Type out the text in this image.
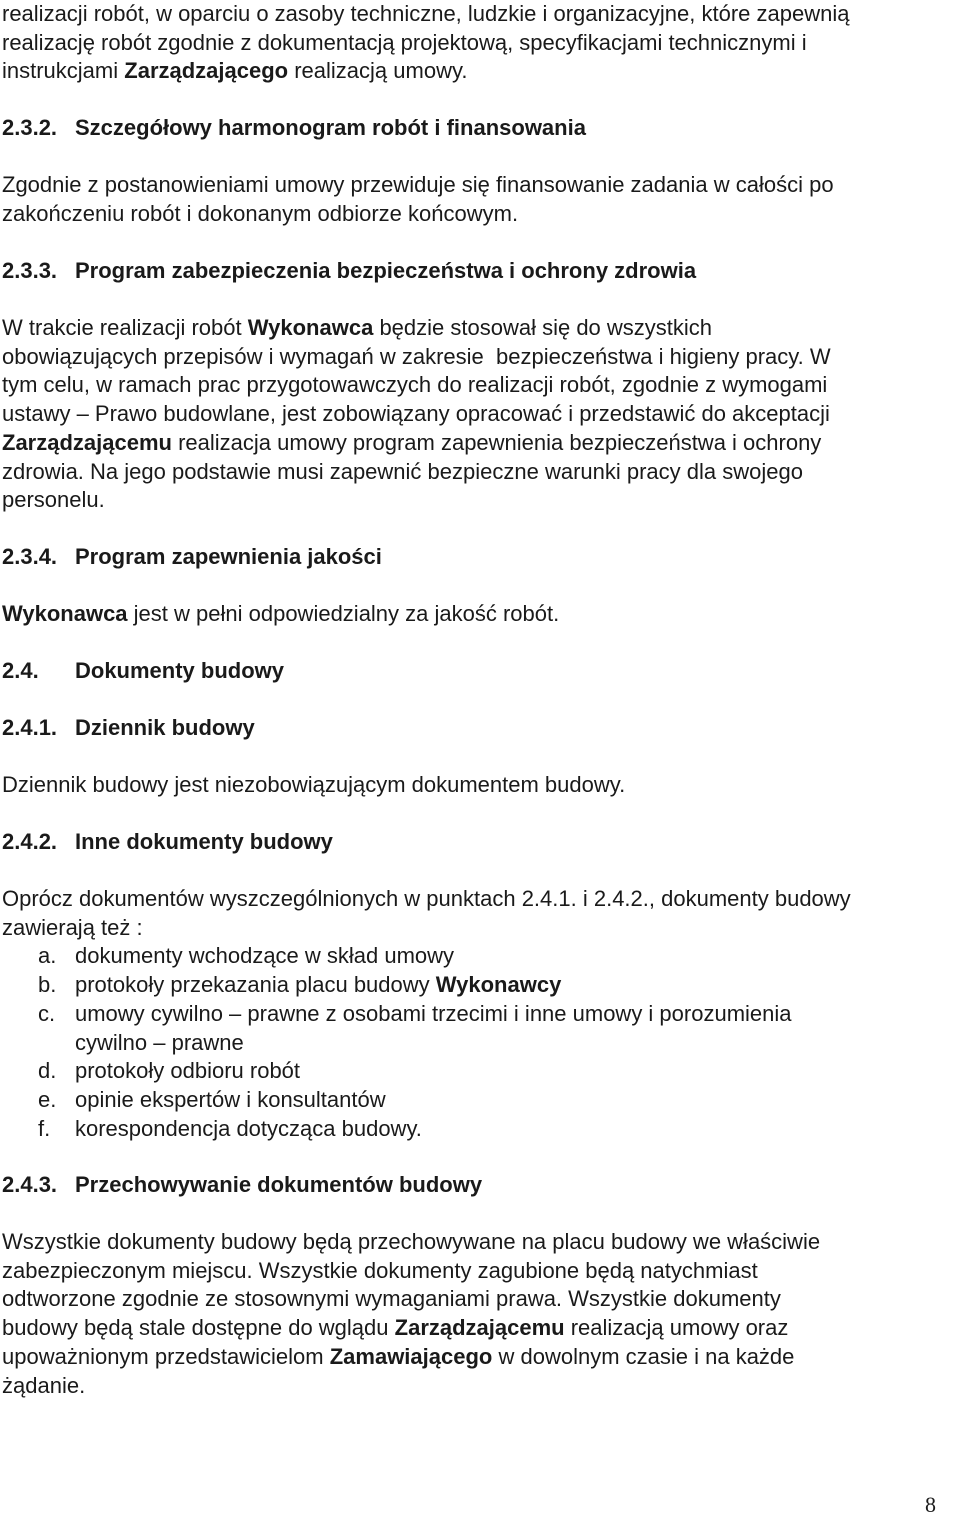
realizacji robót, w oparciu o zasoby techniczne, ludzkie i organizacyjne, które zapewnią
realizację robót zgodnie z dokumentacją projektową, specyfikacjami technicznymi i
instrukcjami Zarządzającego realizacją umowy.
2.3.2. Szczegółowy harmonogram robót i finansowania
Zgodnie z postanowieniami umowy przewiduje się finansowanie zadania w całości po
zakończeniu robót i dokonanym odbiorze końcowym.
2.3.3. Program zabezpieczenia bezpieczeństwa i ochrony zdrowia
W trakcie realizacji robót Wykonawca będzie stosował się do wszystkich
obowiązujących przepisów i wymagań w zakresie  bezpieczeństwa i higieny pracy. W
tym celu, w ramach prac przygotowawczych do realizacji robót, zgodnie z wymogami
ustawy – Prawo budowlane, jest zobowiązany opracować i przedstawić do akceptacji
Zarządzającemu realizacja umowy program zapewnienia bezpieczeństwa i ochrony
zdrowia. Na jego podstawie musi zapewnić bezpieczne warunki pracy dla swojego
personelu.
2.3.4. Program zapewnienia jakości
Wykonawca jest w pełni odpowiedzialny za jakość robót.
2.4. Dokumenty budowy
2.4.1. Dziennik budowy
Dziennik budowy jest niezobowiązującym dokumentem budowy.
2.4.2. Inne dokumenty budowy
Oprócz dokumentów wyszczególnionych w punktach 2.4.1. i 2.4.2., dokumenty budowy
zawierają też :
a. dokumenty wchodzące w skład umowy
b. protokoły przekazania placu budowy Wykonawcy
c. umowy cywilno – prawne z osobami trzecimi i inne umowy i porozumienia
cywilno – prawne
d. protokoły odbioru robót
e. opinie ekspertów i konsultantów
f. korespondencja dotycząca budowy.
2.4.3. Przechowywanie dokumentów budowy
Wszystkie dokumenty budowy będą przechowywane na placu budowy we właściwie
zabezpieczonym miejscu. Wszystkie dokumenty zagubione będą natychmiast
odtworzone zgodnie ze stosownymi wymaganiami prawa. Wszystkie dokumenty
budowy będą stale dostępne do wglądu Zarządzającemu realizacją umowy oraz
upoważnionym przedstawicielom Zamawiającego w dowolnym czasie i na każde
żądanie.
8
